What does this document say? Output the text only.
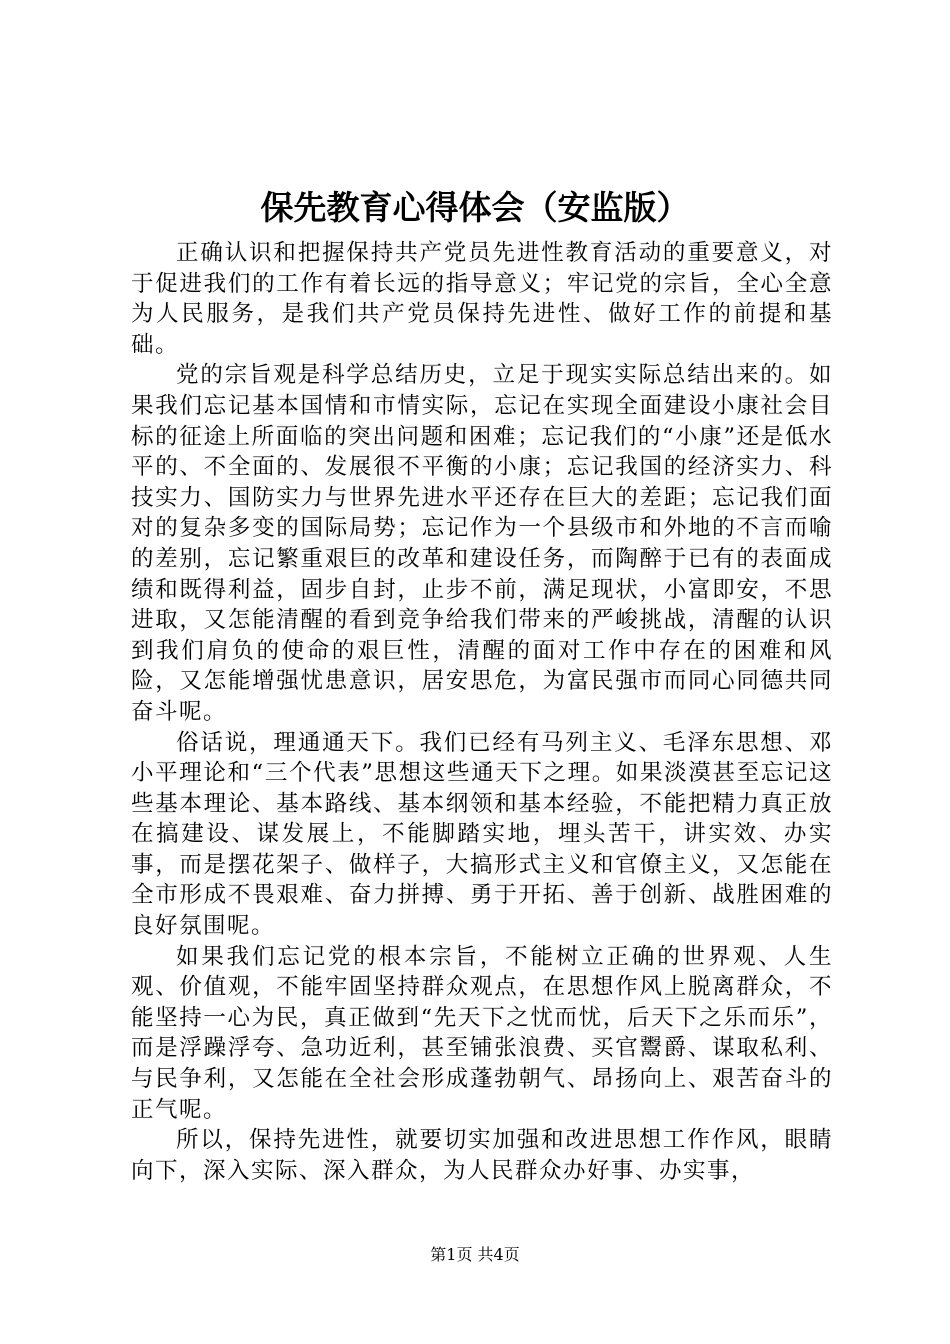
保先教育心得体会（安监版）

正确认识和把握保持共产党员先进性教育活动的重要意义，对于促进我们的工作有着长远的指导意义；牢记党的宗旨，全心全意为人民服务，是我们共产党员保持先进性、做好工作的前提和基础。

党的宗旨观是科学总结历史，立足于现实实际总结出来的。如果我们忘记基本国情和市情实际，忘记在实现全面建设小康社会目标的征途上所面临的突出问题和困难；忘记我们的“小康”还是低水平的、不全面的、发展很不平衡的小康；忘记我国的经济实力、科技实力、国防实力与世界先进水平还存在巨大的差距；忘记我们面对的复杂多变的国际局势；忘记作为一个县级市和外地的不言而喻的差别，忘记繁重艰巨的改革和建设任务，而陶醉于已有的表面成绩和既得利益，固步自封，止步不前，满足现状，小富即安，不思进取，又怎能清醒的看到竞争给我们带来的严峻挑战，清醒的认识到我们肩负的使命的艰巨性，清醒的面对工作中存在的困难和风险，又怎能增强忧患意识，居安思危，为富民强市而同心同德共同奋斗呢。

俗话说，理通通天下。我们已经有马列主义、毛泽东思想、邓小平理论和“三个代表”思想这些通天下之理。如果淡漠甚至忘记这些基本理论、基本路线、基本纲领和基本经验，不能把精力真正放在搞建设、谋发展上，不能脚踏实地，埋头苦干，讲实效、办实事，而是摆花架子、做样子，大搞形式主义和官僚主义，又怎能在全市形成不畏艰难、奋力拼搏、勇于开拓、善于创新、战胜困难的良好氛围呢。

如果我们忘记党的根本宗旨，不能树立正确的世界观、人生观、价值观，不能牢固坚持群众观点，在思想作风上脱离群众，不能坚持一心为民，真正做到“先天下之忧而忧，后天下之乐而乐”，而是浮躁浮夸、急功近利，甚至铺张浪费、买官鬻爵、谋取私利、与民争利，又怎能在全社会形成蓬勃朝气、昂扬向上、艰苦奋斗的正气呢。

所以，保持先进性，就要切实加强和改进思想工作作风，眼睛向下，深入实际、深入群众，为人民群众办好事、办实事，

第1页 共4页
